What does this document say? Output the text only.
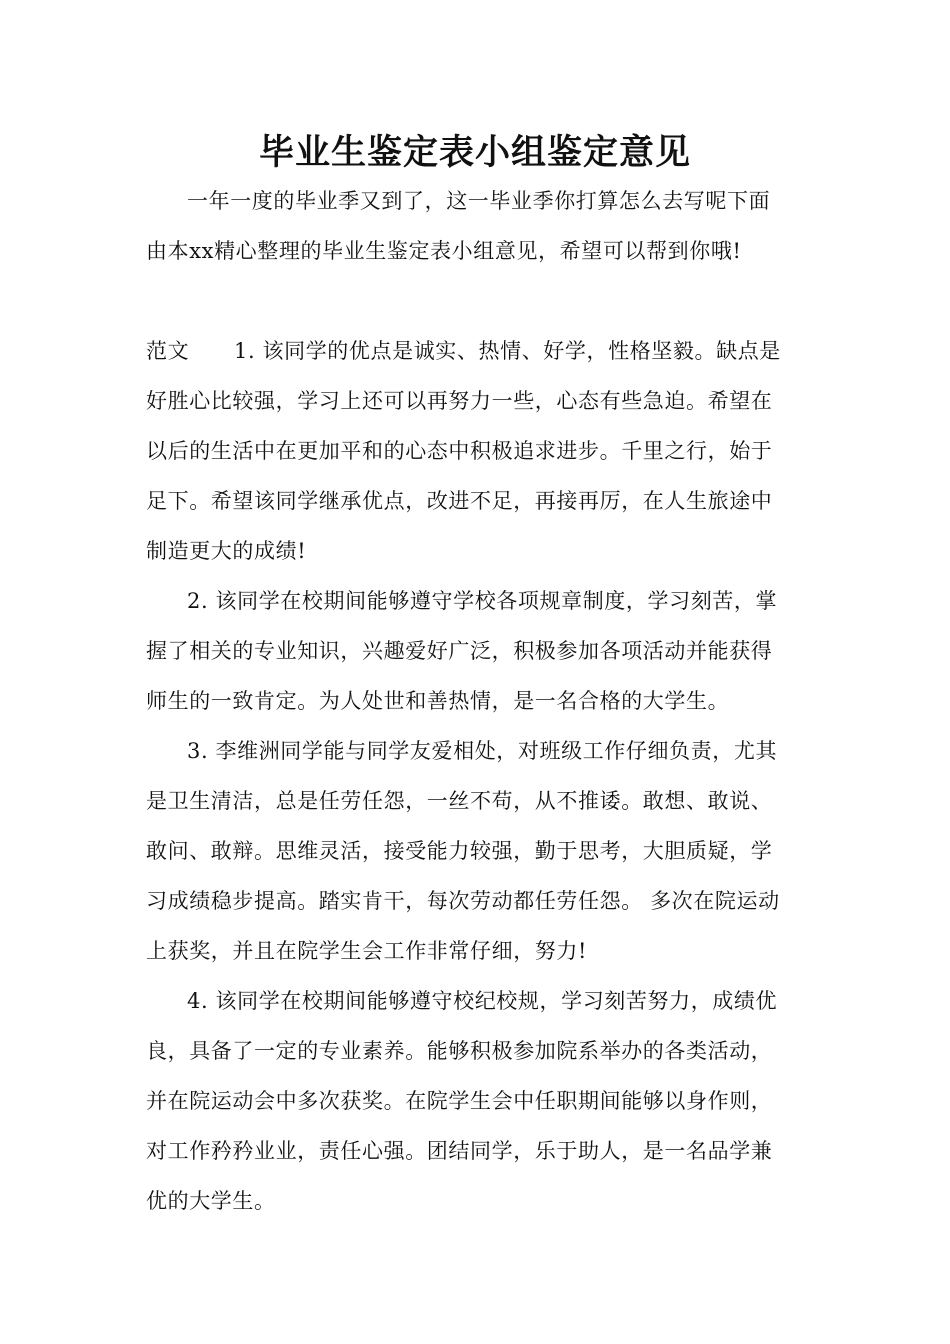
毕业生鉴定表小组鉴定意见

一年一度的毕业季又到了，这一毕业季你打算怎么去写呢下面

由本xx精心整理的毕业生鉴定表小组意见，希望可以帮到你哦!

范文 1. 该同学的优点是诚实、热情、好学，性格坚毅。缺点是

好胜心比较强，学习上还可以再努力一些，心态有些急迫。希望在

以后的生活中在更加平和的心态中积极追求进步。千里之行，始于

足下。希望该同学继承优点，改进不足，再接再厉，在人生旅途中

制造更大的成绩!

2. 该同学在校期间能够遵守学校各项规章制度，学习刻苦，掌

握了相关的专业知识，兴趣爱好广泛，积极参加各项活动并能获得

师生的一致肯定。为人处世和善热情，是一名合格的大学生。

3. 李维洲同学能与同学友爱相处，对班级工作仔细负责，尤其

是卫生清洁，总是任劳任怨，一丝不苟，从不推诿。敢想、敢说、

敢问、敢辩。思维灵活，接受能力较强，勤于思考，大胆质疑，学

习成绩稳步提高。踏实肯干，每次劳动都任劳任怨。 多次在院运动

上获奖，并且在院学生会工作非常仔细，努力!

4. 该同学在校期间能够遵守校纪校规，学习刻苦努力，成绩优

良，具备了一定的专业素养。能够积极参加院系举办的各类活动，

并在院运动会中多次获奖。在院学生会中任职期间能够以身作则，

对工作矜矜业业，责任心强。团结同学，乐于助人，是一名品学兼

优的大学生。
